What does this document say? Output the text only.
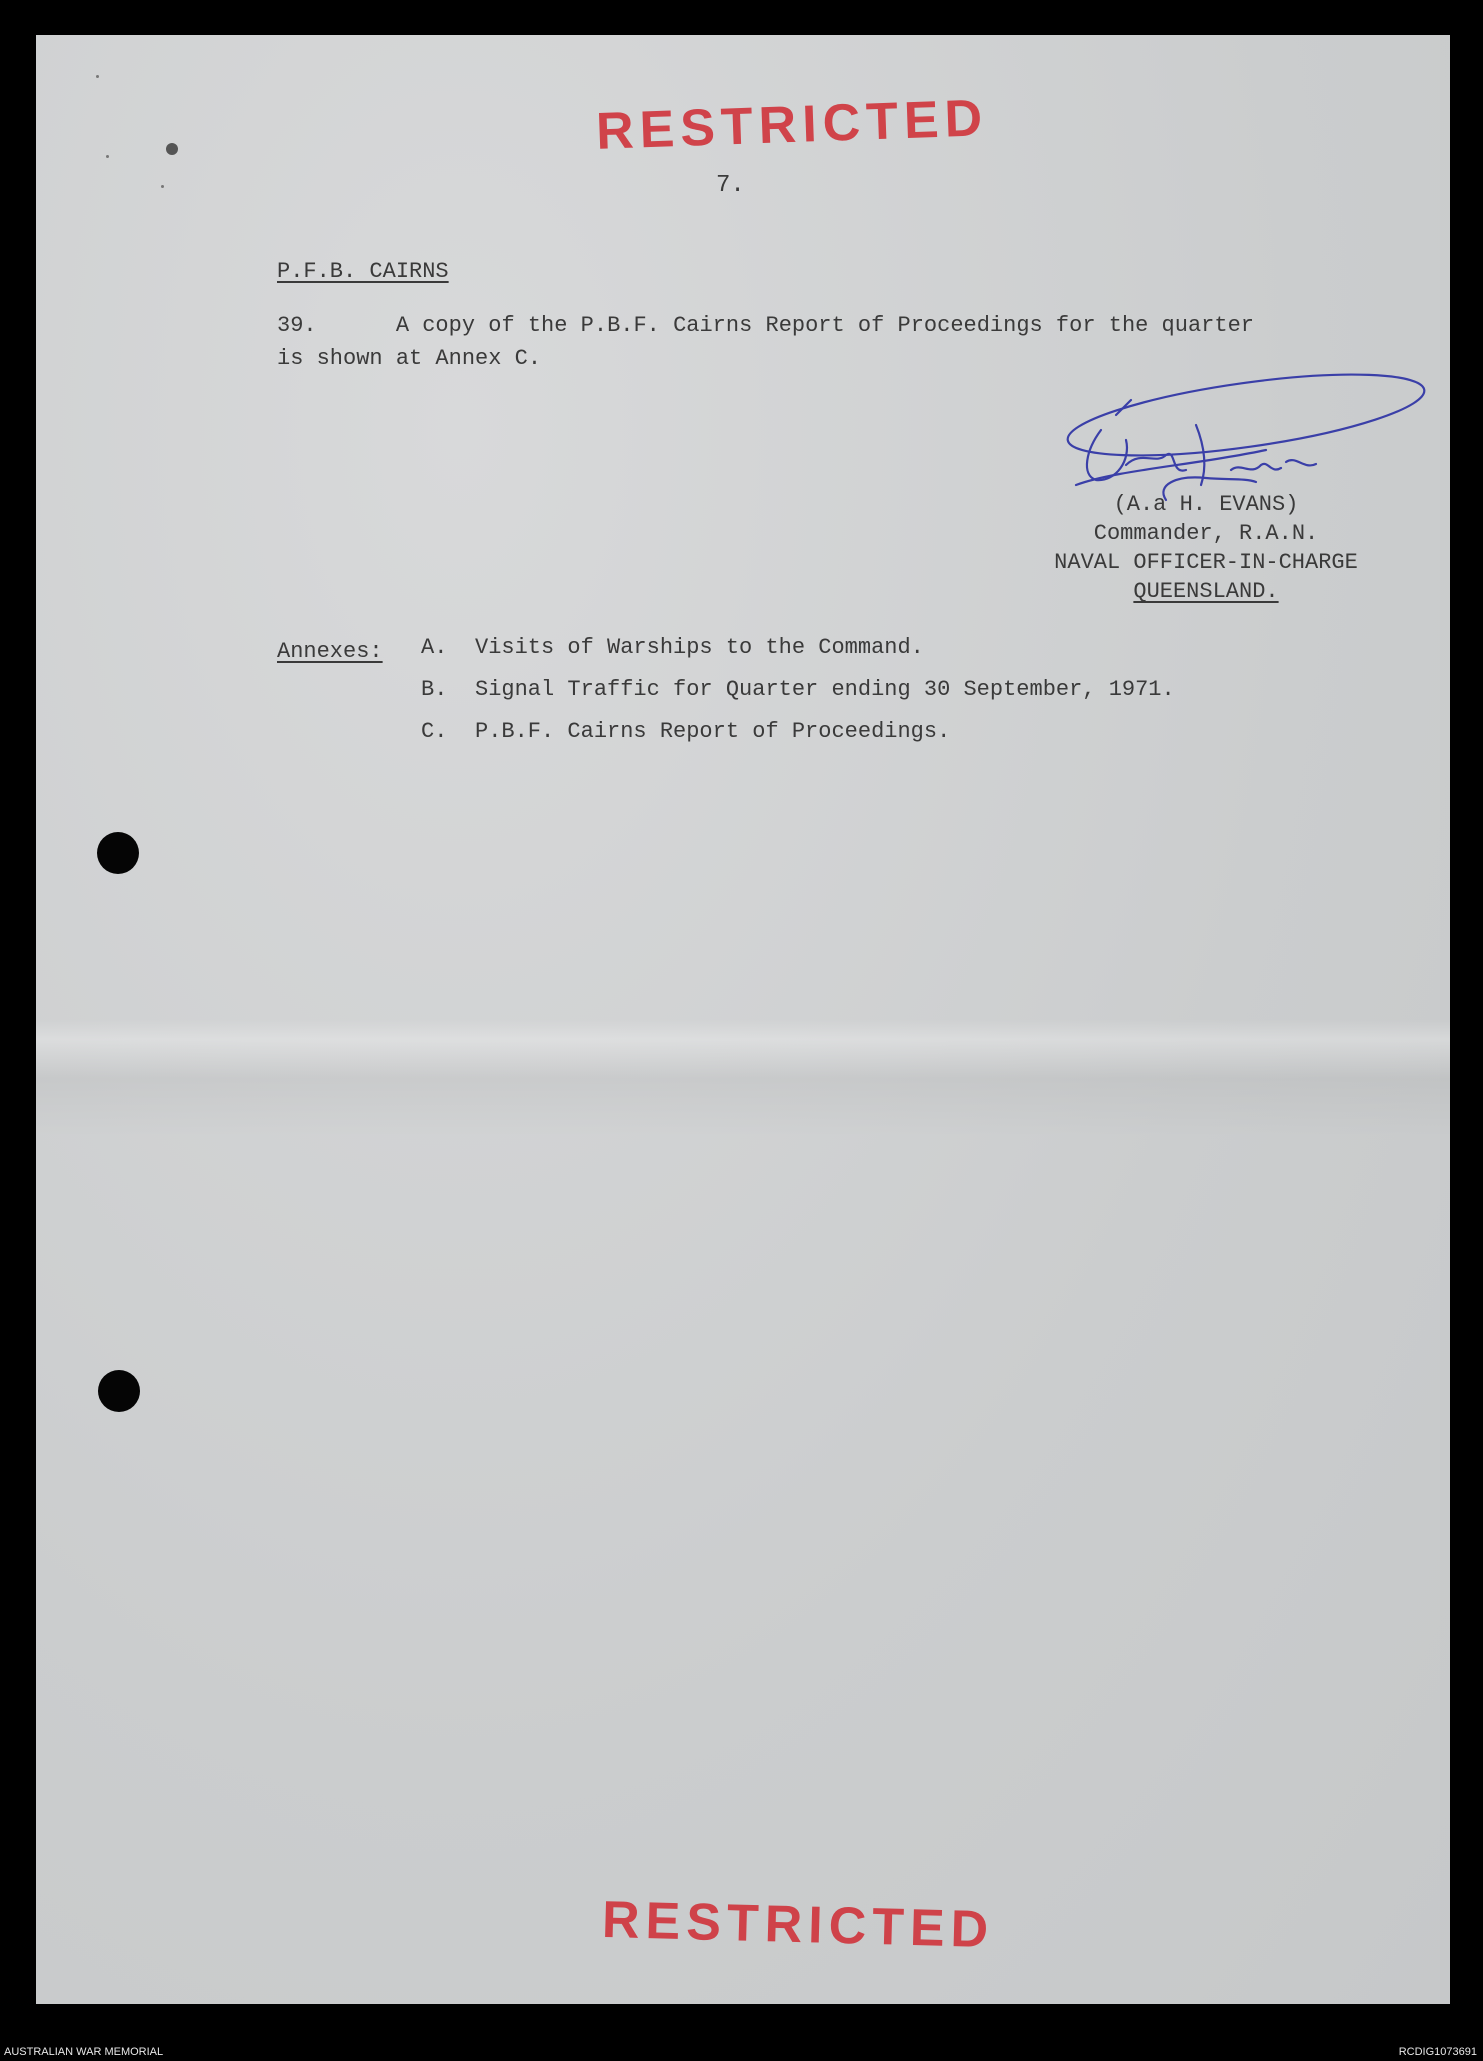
RESTRICTED
7.
P.F.B. CAIRNS
39.	A copy of the P.B.F. Cairns Report of Proceedings for the quarter
is shown at Annex C.
(A.a H. EVANS)
Commander, R.A.N.
NAVAL OFFICER-IN-CHARGE
QUEENSLAND.
Annexes: A. Visits of Warships to the Command.
B. Signal Traffic for Quarter ending 30 September, 1971.
C. P.B.F. Cairns Report of Proceedings.
RESTRICTED
AUSTRALIAN WAR MEMORIAL	RCDIG1073691
